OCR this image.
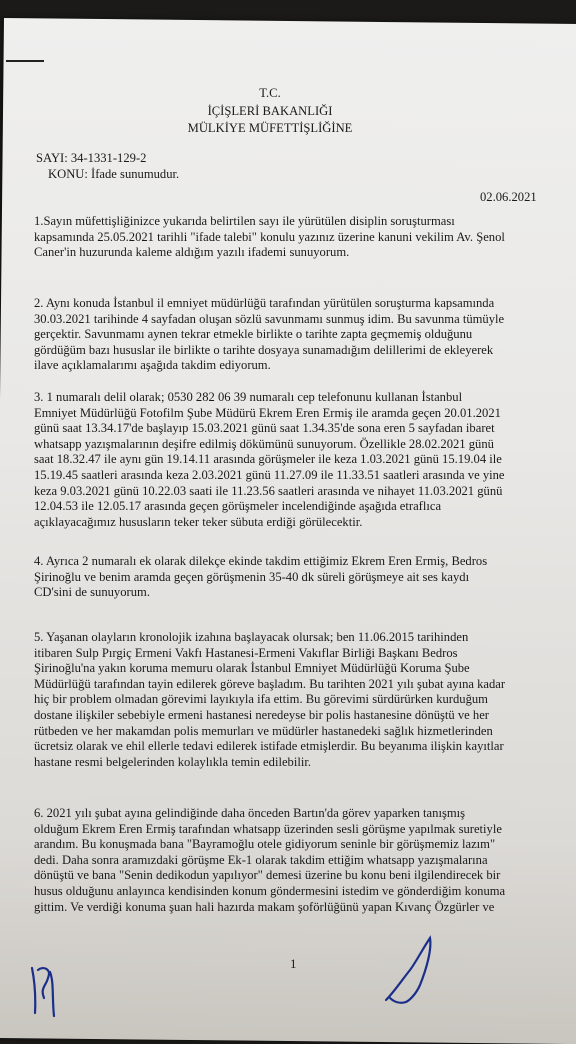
T.C.
İÇİŞLERİ BAKANLIĞI
MÜLKİYE MÜFETTİŞLİĞİNE
SAYI: 34-1331-129-2
KONU: İfade sunumudur.
02.06.2021
1.Sayın müfettişliğinizce yukarıda belirtilen sayı ile yürütülen disiplin soruşturması
kapsamında 25.05.2021 tarihli "ifade talebi" konulu yazınız üzerine kanuni vekilim Av. Şenol
Caner'in huzurunda kaleme aldığım yazılı ifademi sunuyorum.
2. Aynı konuda İstanbul il emniyet müdürlüğü tarafından yürütülen soruşturma kapsamında
30.03.2021 tarihinde 4 sayfadan oluşan sözlü savunmamı sunmuş idim. Bu savunma tümüyle
gerçektir. Savunmamı aynen tekrar etmekle birlikte o tarihte zapta geçmemiş olduğunu
gördüğüm bazı hususlar ile birlikte o tarihte dosyaya sunamadığım delillerimi de ekleyerek
ilave açıklamalarımı aşağıda takdim ediyorum.
3. 1 numaralı delil olarak; 0530 282 06 39 numaralı cep telefonunu kullanan İstanbul
Emniyet Müdürlüğü Fotofilm Şube Müdürü Ekrem Eren Ermiş ile aramda geçen 20.01.2021
günü saat 13.34.17'de başlayıp 15.03.2021 günü saat 1.34.35'de sona eren 5 sayfadan ibaret
whatsapp yazışmalarının deşifre edilmiş dökümünü sunuyorum. Özellikle 28.02.2021 günü
saat 18.32.47 ile aynı gün 19.14.11 arasında görüşmeler ile keza 1.03.2021 günü 15.19.04 ile
15.19.45 saatleri arasında keza 2.03.2021 günü 11.27.09 ile 11.33.51 saatleri arasında ve yine
keza 9.03.2021 günü 10.22.03 saati ile 11.23.56 saatleri arasında ve nihayet 11.03.2021 günü
12.04.53 ile 12.05.17 arasında geçen görüşmeler incelendiğinde aşağıda etraflıca
açıklayacağımız hususların teker teker sübuta erdiği görülecektir.
4. Ayrıca 2 numaralı ek olarak dilekçe ekinde takdim ettiğimiz Ekrem Eren Ermiş, Bedros
Şirinoğlu ve benim aramda geçen görüşmenin 35-40 dk süreli görüşmeye ait ses kaydı
CD'sini de sunuyorum.
5. Yaşanan olayların kronolojik izahına başlayacak olursak; ben 11.06.2015 tarihinden
itibaren Sulp Pırgiç Ermeni Vakfı Hastanesi-Ermeni Vakıflar Birliği Başkanı Bedros
Şirinoğlu'na yakın koruma memuru olarak İstanbul Emniyet Müdürlüğü Koruma Şube
Müdürlüğü tarafından tayin edilerek göreve başladım. Bu tarihten 2021 yılı şubat ayına kadar
hiç bir problem olmadan görevimi layıkıyla ifa ettim. Bu görevimi sürdürürken kurduğum
dostane ilişkiler sebebiyle ermeni hastanesi neredeyse bir polis hastanesine dönüştü ve her
rütbeden ve her makamdan polis memurları ve müdürler hastanedeki sağlık hizmetlerinden
ücretsiz olarak ve ehil ellerle tedavi edilerek istifade etmişlerdir. Bu beyanıma ilişkin kayıtlar
hastane resmi belgelerinden kolaylıkla temin edilebilir.
6. 2021 yılı şubat ayına gelindiğinde daha önceden Bartın'da görev yaparken tanışmış
olduğum Ekrem Eren Ermiş tarafından whatsapp üzerinden sesli görüşme yapılmak suretiyle
arandım. Bu konuşmada bana "Bayramoğlu otele gidiyorum seninle bir görüşmemiz lazım"
dedi. Daha sonra aramızdaki görüşme Ek-1 olarak takdim ettiğim whatsapp yazışmalarına
dönüştü ve bana "Senin dedikodun yapılıyor" demesi üzerine bu konu beni ilgilendirecek bir
husus olduğunu anlayınca kendisinden konum göndermesini istedim ve gönderdiğim konuma
gittim. Ve verdiği konuma şuan hali hazırda makam şoförlüğünü yapan Kıvanç Özgürler ve
1
